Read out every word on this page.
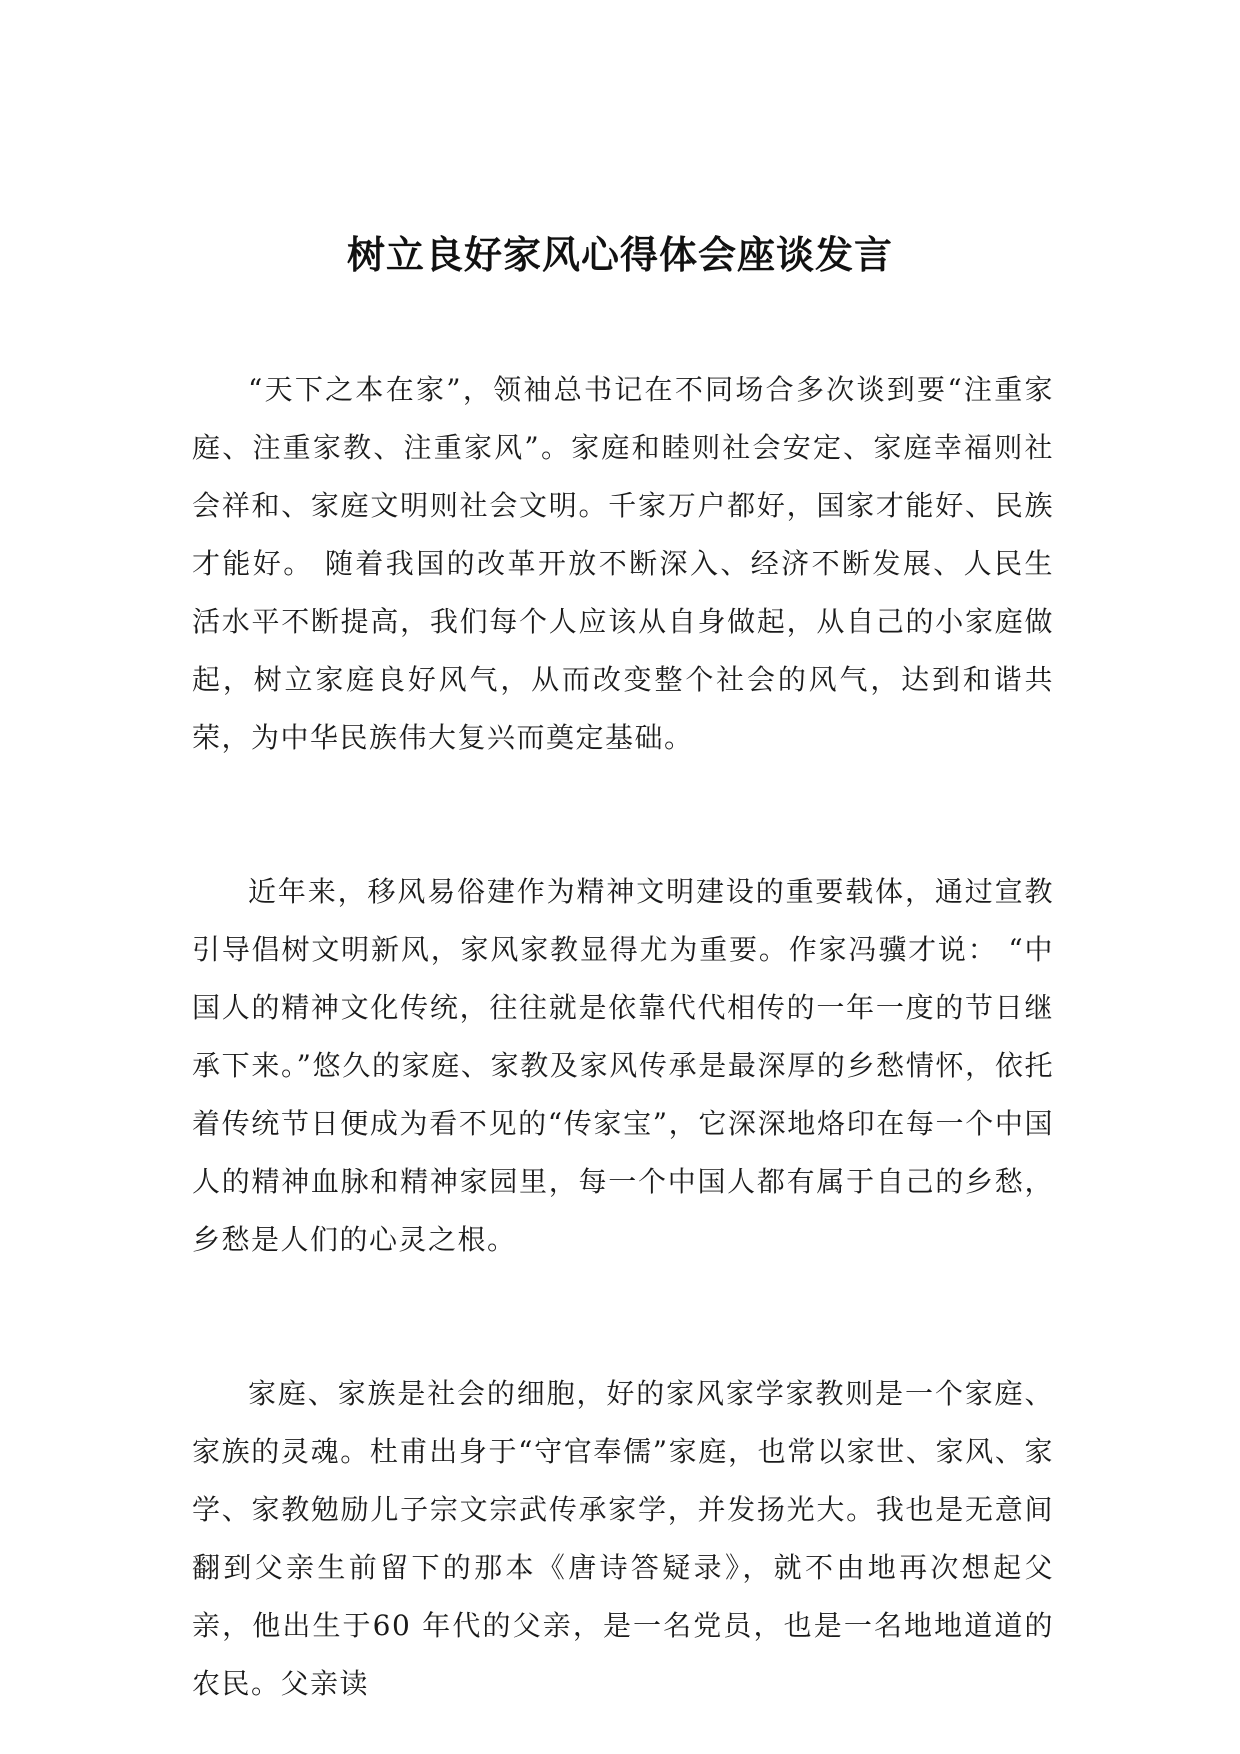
树立良好家风心得体会座谈发言

“天下之本在家”，领袖总书记在不同场合多次谈到要“注重家庭、注重家教、注重家风”。家庭和睦则社会安定、家庭幸福则社会祥和、家庭文明则社会文明。千家万户都好，国家才能好、民族才能好。 随着我国的改革开放不断深入、经济不断发展、人民生活水平不断提高，我们每个人应该从自身做起，从自己的小家庭做起，树立家庭良好风气，从而改变整个社会的风气，达到和谐共荣，为中华民族伟大复兴而奠定基础。

近年来，移风易俗建作为精神文明建设的重要载体，通过宣教引导倡树文明新风，家风家教显得尤为重要。作家冯骥才说： “中国人的精神文化传统，往往就是依靠代代相传的一年一度的节日继承下来。”悠久的家庭、家教及家风传承是最深厚的乡愁情怀，依托着传统节日便成为看不见的“传家宝”，它深深地烙印在每一个中国人的精神血脉和精神家园里，每一个中国人都有属于自己的乡愁，乡愁是人们的心灵之根。

家庭、家族是社会的细胞，好的家风家学家教则是一个家庭、家族的灵魂。杜甫出身于“守官奉儒”家庭，也常以家世、家风、家学、家教勉励儿子宗文宗武传承家学，并发扬光大。我也是无意间翻到父亲生前留下的那本《唐诗答疑录》，就不由地再次想起父亲，他出生于60 年代的父亲，是一名党员，也是一名地地道道的农民。父亲读
